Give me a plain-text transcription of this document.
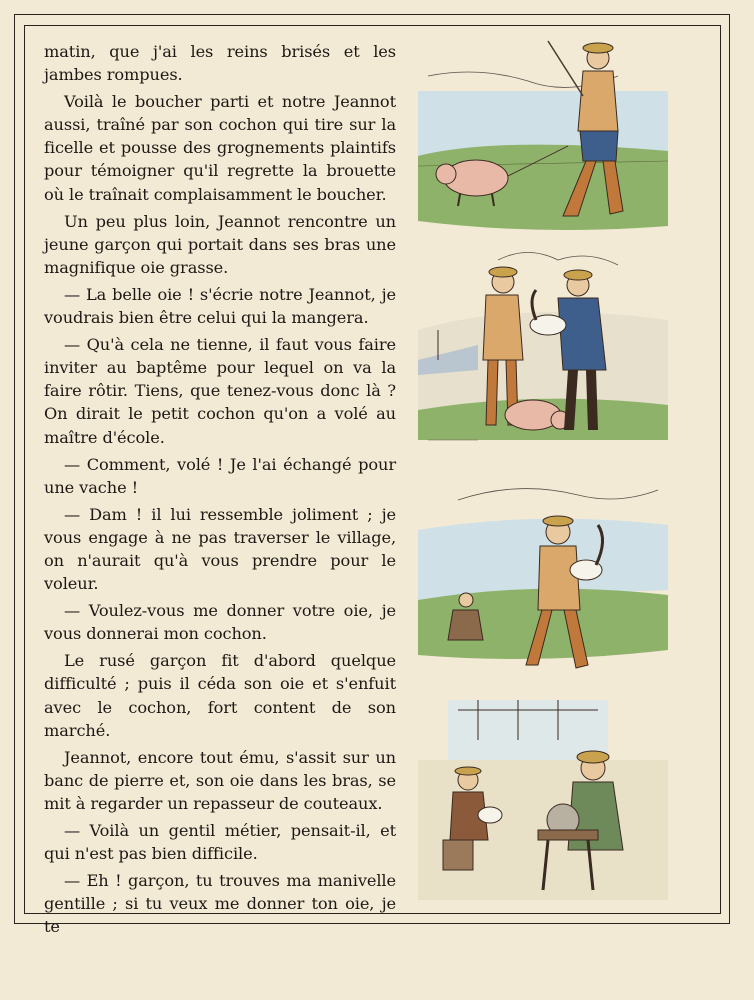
matin, que j'ai les reins brisés et les jambes rompues.

Voilà le boucher parti et notre Jeannot aussi, traîné par son cochon qui tire sur la ficelle et pousse des grognements plaintifs pour témoigner qu'il regrette la brouette où le traînait complaisamment le boucher.

Un peu plus loin, Jeannot rencontre un jeune garçon qui portait dans ses bras une magnifique oie grasse.

— La belle oie ! s'écrie notre Jeannot, je voudrais bien être celui qui la mangera.

— Qu'à cela ne tienne, il faut vous faire inviter au baptême pour lequel on va la faire rôtir. Tiens, que tenez-vous donc là ? On dirait le petit cochon qu'on a volé au maître d'école.

— Comment, volé ! Je l'ai échangé pour une vache !

— Dam ! il lui ressemble joliment ; je vous engage à ne pas traverser le village, on n'aurait qu'à vous prendre pour le voleur.

— Voulez-vous me donner votre oie, je vous donnerai mon cochon.

Le rusé garçon fit d'abord quelque difficulté ; puis il céda son oie et s'enfuit avec le cochon, fort content de son marché.

Jeannot, encore tout ému, s'assit sur un banc de pierre et, son oie dans les bras, se mit à regarder un repasseur de couteaux.

— Voilà un gentil métier, pensait-il, et qui n'est pas bien difficile.

— Eh ! garçon, tu trouves ma manivelle gentille ; si tu veux me donner ton oie, je te
